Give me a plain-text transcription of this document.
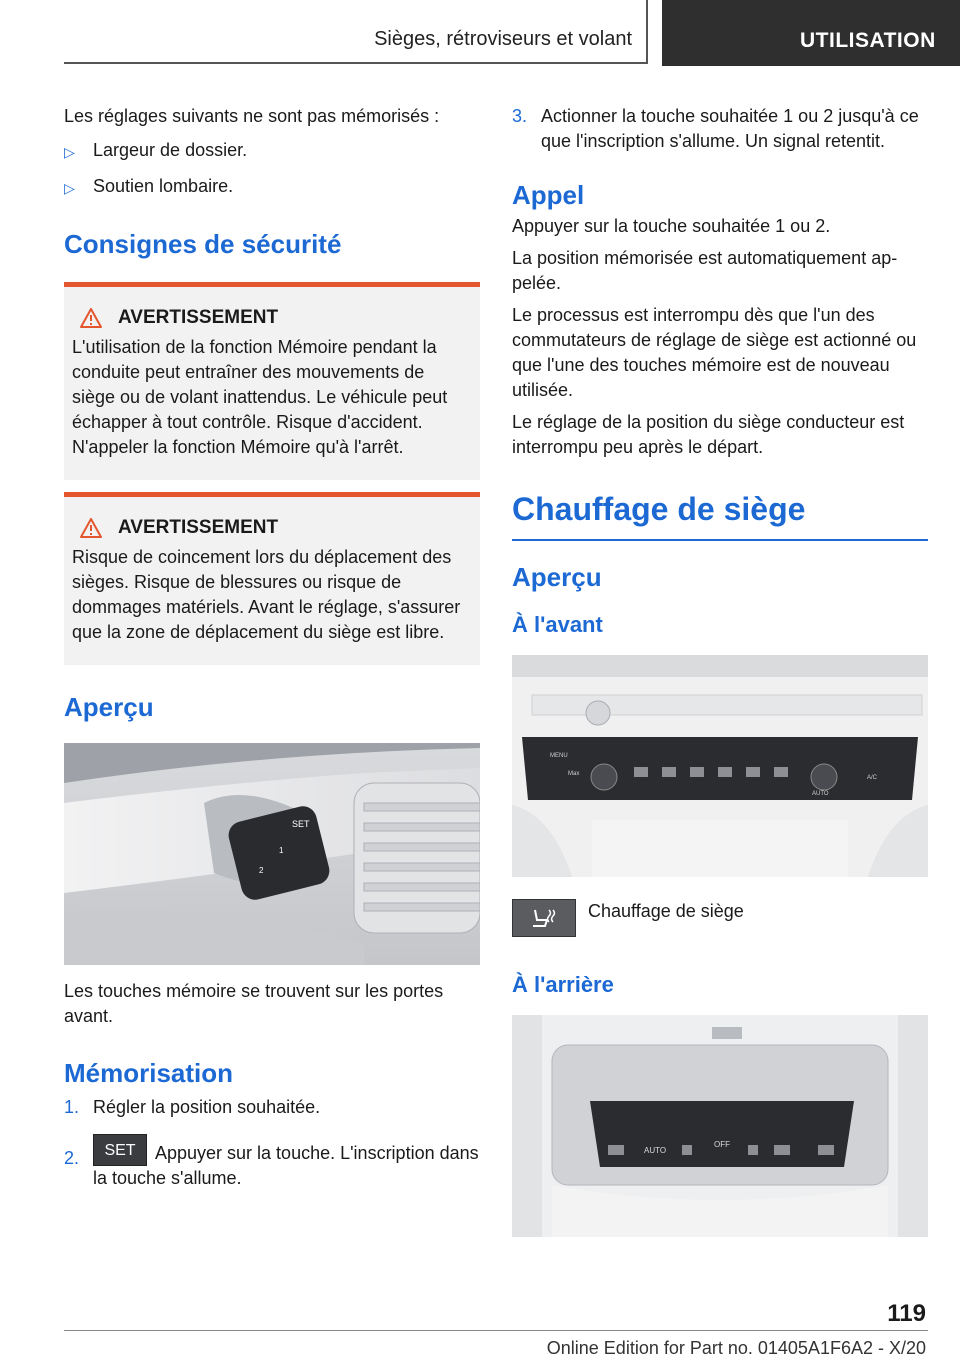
Sièges, rétroviseurs et volant	UTILISATION

Les réglages suivants ne sont pas mémorisés :

▷	Largeur de dossier.
▷	Soutien lombaire.
Consignes de sécurité
AVERTISSEMENT

L'utilisation de la fonction Mémoire pendant la conduite peut entraîner des mouvements de siège ou de volant inattendus. Le véhicule peut échapper à tout contrôle. Risque d'accident. N'appeler la fonction Mémoire qu'à l'arrêt.

AVERTISSEMENT

Risque de coincement lors du déplacement des sièges. Risque de blessures ou risque de dommages matériels. Avant le réglage, s'assurer que la zone de déplacement du siège est libre.

Aperçu
SET
1
2

Les touches mémoire se trouvent sur les portes avant.

Mémorisation
1. Régler la position souhaitée.
2.	SET Appuyer sur la touche. L'inscription dans la touche s'allume.
3. Actionner la touche souhaitée 1 ou 2 jusqu'à ce que l'inscription s'allume. Un signal retentit.
Appel

Appuyer sur la touche souhaitée 1 ou 2.

La position mémorisée est automatiquement appelée.

Le processus est interrompu dès que l'un des commutateurs de réglage de siège est actionné ou que l'une des touches mémoire est de nouveau utilisée.

Le réglage de la position du siège conducteur est interrompu peu après le départ.

Chauffage de siège
Aperçu
À l'avant
MENU
Max
AUTO
A/C

Chauffage de siège

À l'arrière
AUTO
OFF
119
Online Edition for Part no. 01405A1F6A2 - X/20
